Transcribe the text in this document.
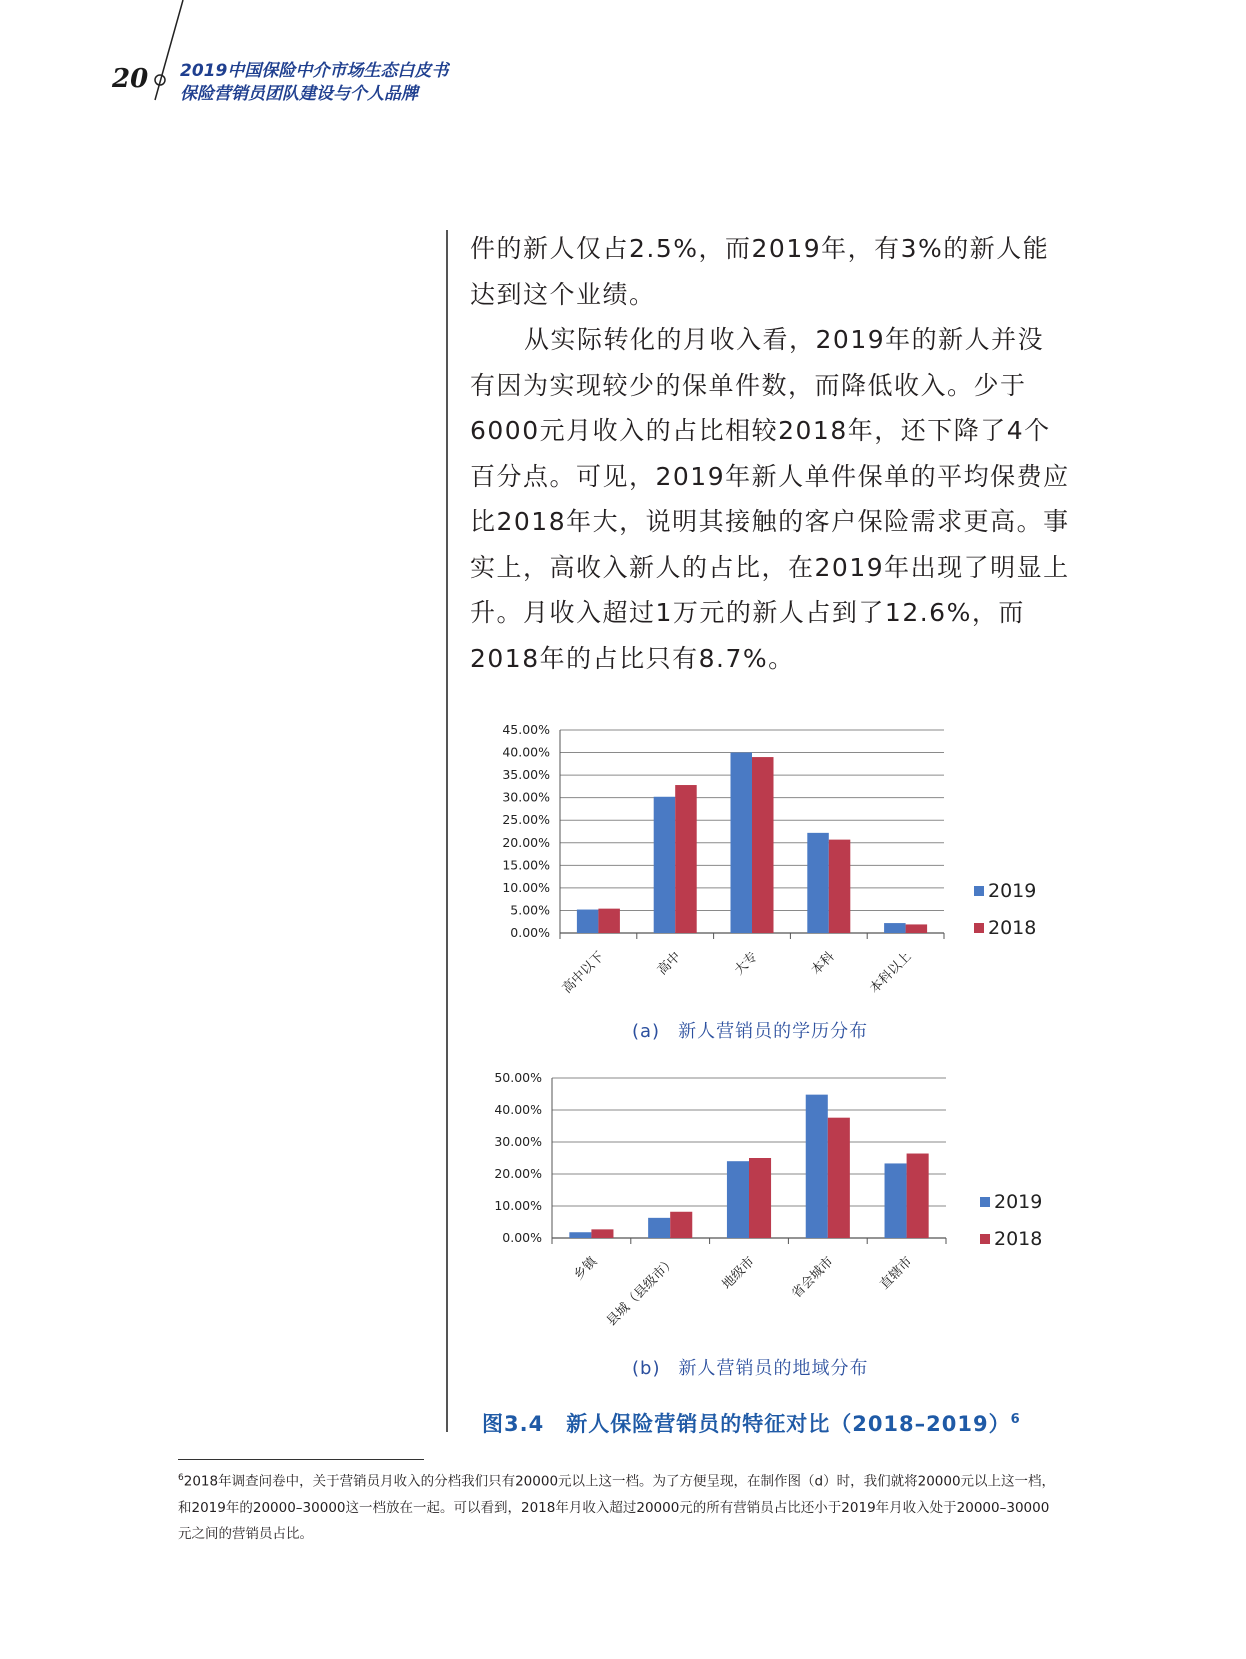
20 2019中国保险中介市场生态白皮书
保险营销员团队建设与个人品牌

件的新人仅占2.5%，而2019年，有3%的新人能达到这个业绩。

从实际转化的月收入看，2019年的新人并没有因为实现较少的保单件数，而降低收入。少于6000元月收入的占比相较2018年，还下降了4个百分点。可见，2019年新人单件保单的平均保费应比2018年大，说明其接触的客户保险需求更高。事实上，高收入新人的占比，在2019年出现了明显上升。月收入超过1万元的新人占到了12.6%，而2018年的占比只有8.7%。

0.00%
5.00%
10.00%
15.00%
20.00%
25.00%
30.00%
35.00%
40.00%
45.00%
高中以下	高中	大专	本科 本科以上
2019
2018
(a) 新人营销员的学历分布
0.00%
10.00%
20.00%
30.00%
40.00%
50.00%
乡镇 县城（县级市）	地级市 省会城市	直辖市
2019
2018
(b) 新人营销员的地域分布
图3.4 新人保险营销员的特征对比（2018–2019）$^6$
$^6$2018年调查问卷中，关于营销员月收入的分档我们只有20000元以上这一档。为了方便呈现，在制作图（d）时，我们就将20000元以上这一档，和2019年的20000–30000这一档放在一起。可以看到，2018年月收入超过20000元的所有营销员占比还小于2019年月收入处于20000–30000元之间的营销员占比。
